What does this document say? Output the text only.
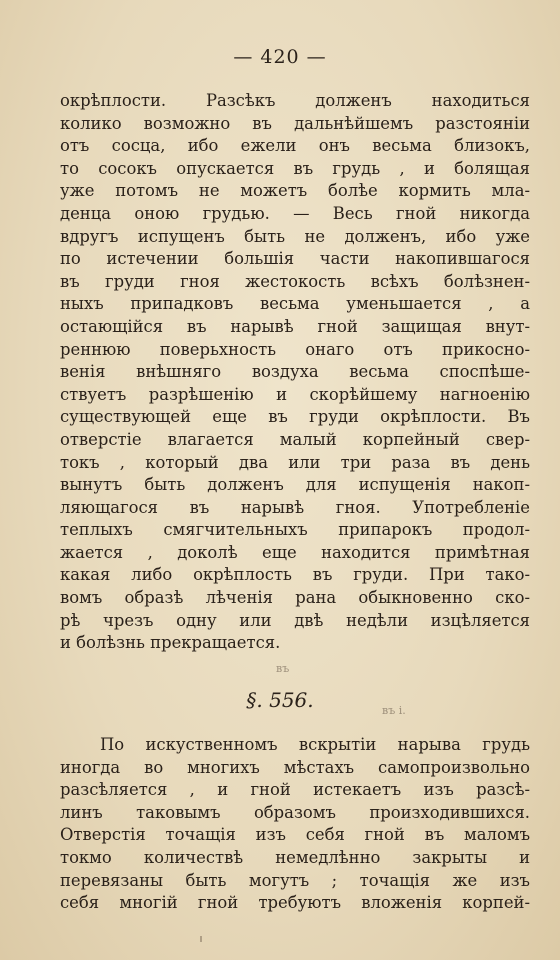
— 420 —
окрѣплости. Разсѣкъ долженъ находиться
колико возможно въ дальнѣйшемъ разстояніи
отъ сосца, ибо ежели онъ весьма близокъ,
то сосокъ опускается въ грудь , и болящая
уже потомъ не можетъ болѣе кормить мла-
денца оною грудью. — Весь гной никогда
вдругъ испущенъ быть не долженъ, ибо уже
по истечении большія части накопившагося
въ груди гноя жестокость всѣхъ болѣзнен-
ныхъ припадковъ весьма уменьшается , а
остающійся въ нарывѣ гной защищая внут-
реннюю поверьхность онаго отъ прикосно-
венія внѣшняго воздуха весьма споспѣше-
ствуетъ разрѣшенію и скорѣйшему нагноенію
существующей еще въ груди окрѣплости. Въ
отверстіе влагается малый корпейный свер-
токъ , который два или три раза въ день
вынутъ быть долженъ для испущенія накоп-
ляющагося въ нарывѣ гноя. Употребленіе
теплыхъ смягчительныхъ припарокъ продол-
жается , доколѣ еще находится примѣтная
какая либо окрѣплость въ груди. При тако-
вомъ образѣ лѣченія рана обыкновенно ско-
рѣ чрезъ одну или двѣ недѣли изцѣляется
и болѣзнь прекращается.
въ
§. 556.	въ і.
По искуственномъ вскрытіи нарыва грудь
иногда во многихъ мѣстахъ самопроизвольно
разсѣляется , и гной истекаетъ изъ разсѣ-
линъ таковымъ образомъ произходившихся.
Отверстія точащія изъ себя гной въ маломъ
токмо количествѣ немедлѣнно закрыты и
перевязаны быть могутъ ; точащія же изъ
себя многій гной требуютъ вложенія корпей-
